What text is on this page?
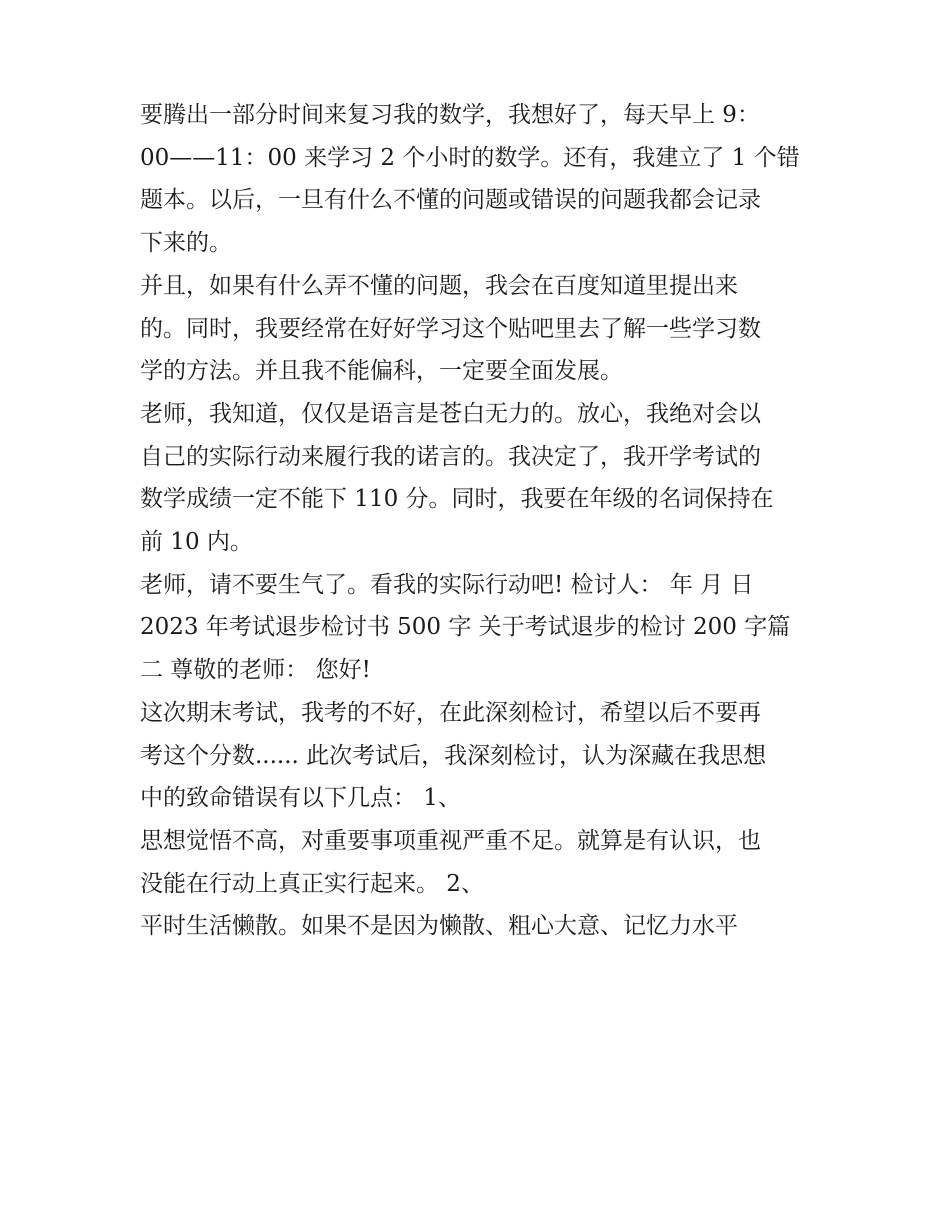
要腾出一部分时间来复习我的数学，我想好了，每天早上 9：
00——11：00 来学习 2 个小时的数学。还有，我建立了 1 个错
题本。以后，一旦有什么不懂的问题或错误的问题我都会记录
下来的。

并且，如果有什么弄不懂的问题，我会在百度知道里提出来
的。同时，我要经常在好好学习这个贴吧里去了解一些学习数
学的方法。并且我不能偏科，一定要全面发展。

老师，我知道，仅仅是语言是苍白无力的。放心，我绝对会以
自己的实际行动来履行我的诺言的。我决定了，我开学考试的
数学成绩一定不能下 110 分。同时，我要在年级的名词保持在
前 10 内。

老师，请不要生气了。看我的实际行动吧! 检讨人： 年 月 日
2023 年考试退步检讨书 500 字 关于考试退步的检讨 200 字篇
二 尊敬的老师： 您好!

这次期末考试，我考的不好，在此深刻检讨，希望以后不要再
考这个分数...... 此次考试后，我深刻检讨，认为深藏在我思想
中的致命错误有以下几点： 1、

思想觉悟不高，对重要事项重视严重不足。就算是有认识，也
没能在行动上真正实行起来。 2、

平时生活懒散。如果不是因为懒散、粗心大意、记忆力水平
